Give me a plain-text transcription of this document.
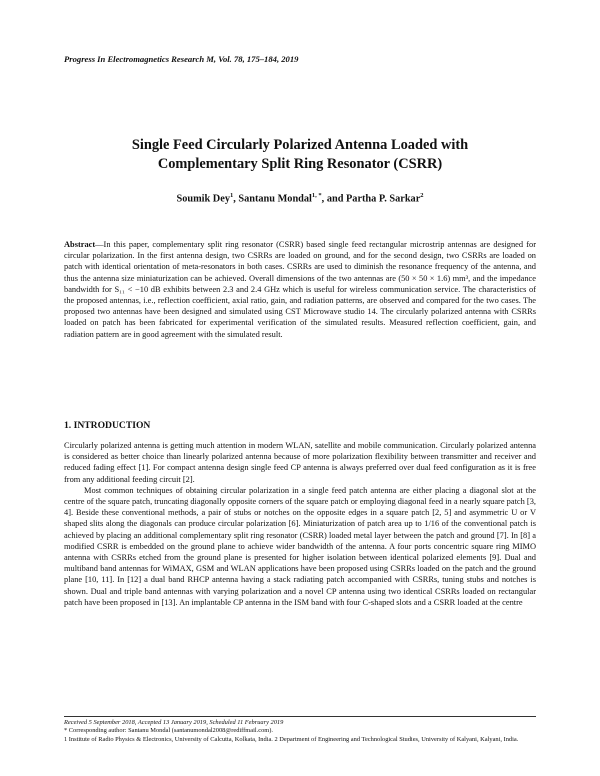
Progress In Electromagnetics Research M, Vol. 78, 175–184, 2019
Single Feed Circularly Polarized Antenna Loaded with
Complementary Split Ring Resonator (CSRR)
Soumik Dey$^1$, Santanu Mondal$^{1, *}$, and Partha P. Sarkar$^2$
Abstract—In this paper, complementary split ring resonator (CSRR) based single feed rectangular microstrip antennas are designed for circular polarization. In the first antenna design, two CSRRs are loaded on ground, and for the second design, two CSRRs are loaded on patch with identical orientation of meta-resonators in both cases. CSRRs are used to diminish the resonance frequency of the antenna, and thus the antenna size miniaturization can be achieved. Overall dimensions of the two antennas are (50 × 50 × 1.6) mm³, and the impedance bandwidth for S₁₁ < −10 dB exhibits between 2.3 and 2.4 GHz which is useful for wireless communication service. The characteristics of the proposed antennas, i.e., reflection coefficient, axial ratio, gain, and radiation patterns, are observed and compared for the two cases. The proposed two antennas have been designed and simulated using CST Microwave studio 14. The circularly polarized antenna with CSRRs loaded on patch has been fabricated for experimental verification of the simulated results. Measured reflection coefficient, gain, and radiation pattern are in good agreement with the simulated result.
1. INTRODUCTION

Circularly polarized antenna is getting much attention in modern WLAN, satellite and mobile communication. Circularly polarized antenna is considered as better choice than linearly polarized antenna because of more polarization flexibility between transmitter and receiver and reduced fading effect [1]. For compact antenna design single feed CP antenna is always preferred over dual feed configuration as it is free from any additional feeding circuit [2].

Most common techniques of obtaining circular polarization in a single feed patch antenna are either placing a diagonal slot at the centre of the square patch, truncating diagonally opposite corners of the square patch or employing diagonal feed in a nearly square patch [3, 4]. Beside these conventional methods, a pair of stubs or notches on the opposite edges in a square patch [2, 5] and asymmetric U or V shaped slits along the diagonals can produce circular polarization [6]. Miniaturization of patch area up to 1/16 of the conventional patch is achieved by placing an additional complementary split ring resonator (CSRR) loaded metal layer between the patch and ground [7]. In [8] a modified CSRR is embedded on the ground plane to achieve wider bandwidth of the antenna. A four ports concentric square ring MIMO antenna with CSRRs etched from the ground plane is presented for higher isolation between identical polarized elements [9]. Dual and multiband band antennas for WiMAX, GSM and WLAN applications have been proposed using CSRRs loaded on the patch and the ground plane [10, 11]. In [12] a dual band RHCP antenna having a stack radiating patch accompanied with CSRRs, tuning stubs and notches is shown. Dual and triple band antennas with varying polarization and a novel CP antenna using two identical CSRRs loaded on rectangular patch have been proposed in [13]. An implantable CP antenna in the ISM band with four C-shaped slots and a CSRR loaded at the centre

Received 5 September 2018, Accepted 13 January 2019, Scheduled 11 February 2019
* Corresponding author: Santanu Mondal (santanumondal2008@rediffmail.com).
1 Institute of Radio Physics & Electronics, University of Calcutta, Kolkata, India. 2 Department of Engineering and Technological Studies, University of Kalyani, Kalyani, India.
